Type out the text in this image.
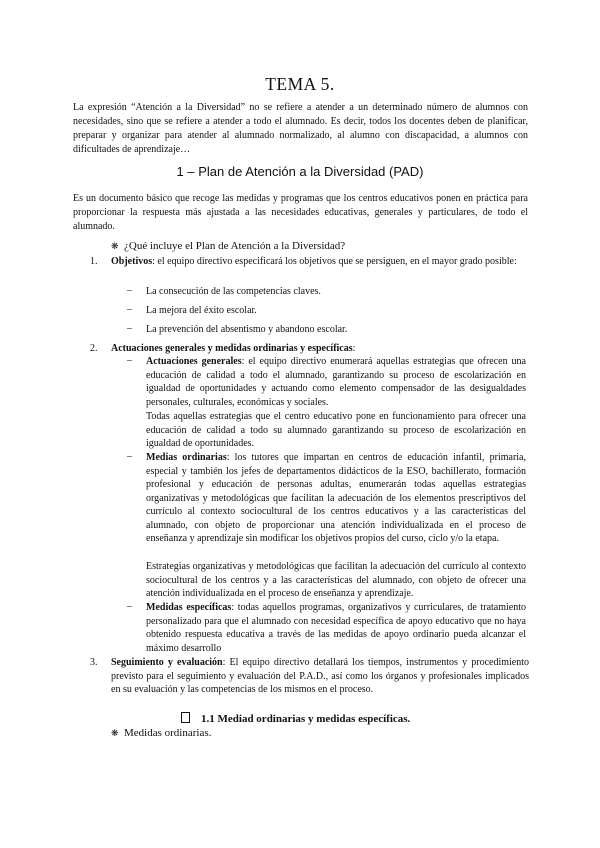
TEMA 5.
La expresión “Atención a la Diversidad” no se refiere a atender a un determinado número de alumnos con necesidades, sino que se refiere a atender a todo el alumnado. Es decir, todos los docentes deben de planificar, preparar y organizar para atender al alumnado normalizado, al alumno con discapacidad, a alumnos con dificultades de aprendizaje…
1 – Plan de Atención a la Diversidad (PAD)
Es un documento básico que recoge las medidas y programas que los centros educativos ponen en práctica para proporcionar la respuesta más ajustada a las necesidades educativas, generales y particulares, de todo el alumnado.
❋ ¿Qué incluye el Plan de Atención a la Diversidad?
1. Objetivos: el equipo directivo especificará los objetivos que se persiguen, en el mayor grado posible:
– La consecución de las competencias claves.
– La mejora del éxito escolar.
– La prevención del absentismo y abandono escolar.
2. Actuaciones generales y medidas ordinarias y específicas:
– Actuaciones generales: el equipo directivo enumerará aquellas estrategias que ofrecen una educación de calidad a todo el alumnado, garantizando su proceso de escolarización en igualdad de oportunidades y actuando como elemento compensador de las desigualdades personales, culturales, económicas y sociales.
Todas aquellas estrategias que el centro educativo pone en funcionamiento para ofrecer una educación de calidad a todo su alumnado garantizando su proceso de escolarización en igualdad de oportunidades.
– Medias ordinarias: los tutores que impartan en centros de educación infantil, primaria, especial y también los jefes de departamentos didácticos de la ESO, bachillerato, formación profesional y educación de personas adultas, enumerarán todas aquellas estrategias organizativas y metodológicas que facilitan la adecuación de los elementos prescriptivos del currículo al contexto sociocultural de los centros educativos y a las características del alumnado, con objeto de proporcionar una atención individualizada en el proceso de enseñanza y aprendizaje sin modificar los objetivos propios del curso, ciclo y/o la etapa.
Estrategias organizativas y metodológicas que facilitan la adecuación del currículo al contexto sociocultural de los centros y a las características del alumnado, con objeto de ofrecer una atención individualizada en el proceso de enseñanza y aprendizaje.
– Medidas específicas: todas aquellos programas, organizativos y curriculares, de tratamiento personalizado para que el alumnado con necesidad específica de apoyo educativo que no haya obtenido respuesta educativa a través de las medidas de apoyo ordinario pueda alcanzar el máximo desarrollo
3. Seguimiento y evaluación: El equipo directivo detallará los tiempos, instrumentos y procedimiento previsto para el seguimiento y evaluación del P.A.D., así como los órganos y profesionales implicados en su evaluación y las competencias de los mismos en el proceso.
1.1 Mediad ordinarias y medidas específicas.
❋ Medidas ordinarias.
